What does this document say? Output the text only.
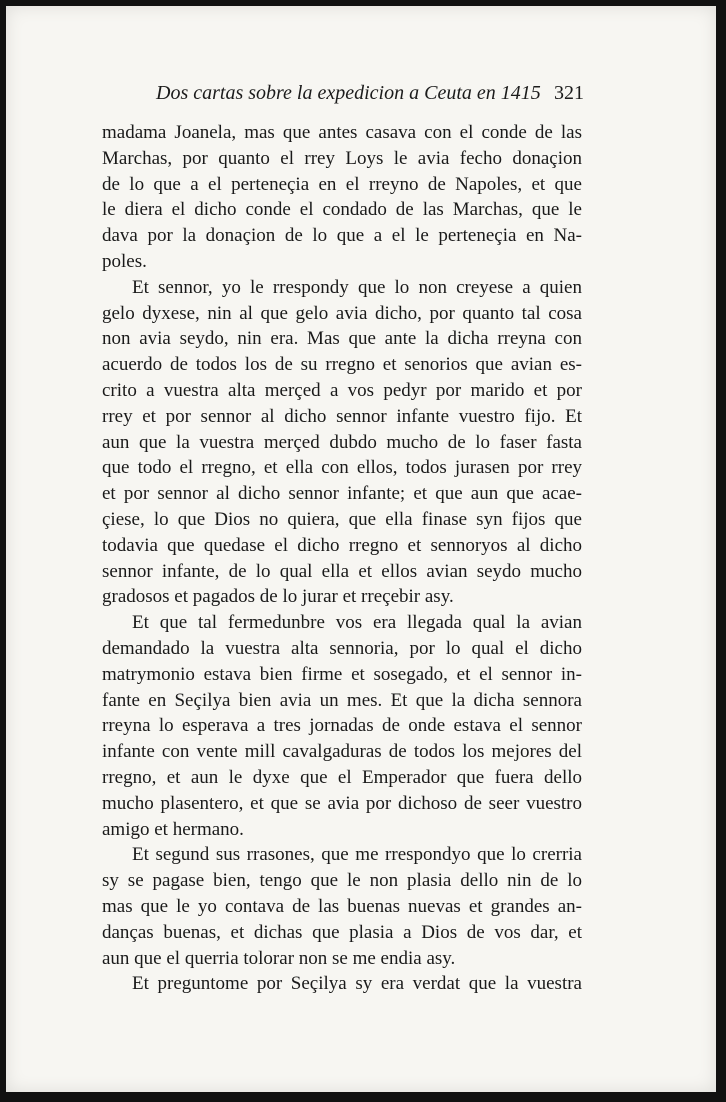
Dos cartas sobre la expedicion a Ceuta en 1415 321
madama Joanela, mas que antes casava con el conde de las
Marchas, por quanto el rrey Loys le avia fecho donaçion
de lo que a el perteneçia en el rreyno de Napoles, et que
le diera el dicho conde el condado de las Marchas, que le
dava por la donaçion de lo que a el le perteneçia en Na-
poles.
Et sennor, yo le rrespondy que lo non creyese a quien
gelo dyxese, nin al que gelo avia dicho, por quanto tal cosa
non avia seydo, nin era. Mas que ante la dicha rreyna con
acuerdo de todos los de su rregno et senorios que avian es-
crito a vuestra alta merçed a vos pedyr por marido et por
rrey et por sennor al dicho sennor infante vuestro fijo. Et
aun que la vuestra merçed dubdo mucho de lo faser fasta
que todo el rregno, et ella con ellos, todos jurasen por rrey
et por sennor al dicho sennor infante; et que aun que acae-
çiese, lo que Dios no quiera, que ella finase syn fijos que
todavia que quedase el dicho rregno et sennoryos al dicho
sennor infante, de lo qual ella et ellos avian seydo mucho
gradosos et pagados de lo jurar et rreçebir asy.
Et que tal fermedunbre vos era llegada qual la avian
demandado la vuestra alta sennoria, por lo qual el dicho
matrymonio estava bien firme et sosegado, et el sennor in-
fante en Seçilya bien avia un mes. Et que la dicha sennora
rreyna lo esperava a tres jornadas de onde estava el sennor
infante con vente mill cavalgaduras de todos los mejores del
rregno, et aun le dyxe que el Emperador que fuera dello
mucho plasentero, et que se avia por dichoso de seer vuestro
amigo et hermano.
Et segund sus rrasones, que me rrespondyo que lo crerria
sy se pagase bien, tengo que le non plasia dello nin de lo
mas que le yo contava de las buenas nuevas et grandes an-
danças buenas, et dichas que plasia a Dios de vos dar, et
aun que el querria tolorar non se me endia asy.
Et preguntome por Seçilya sy era verdat que la vuestra
